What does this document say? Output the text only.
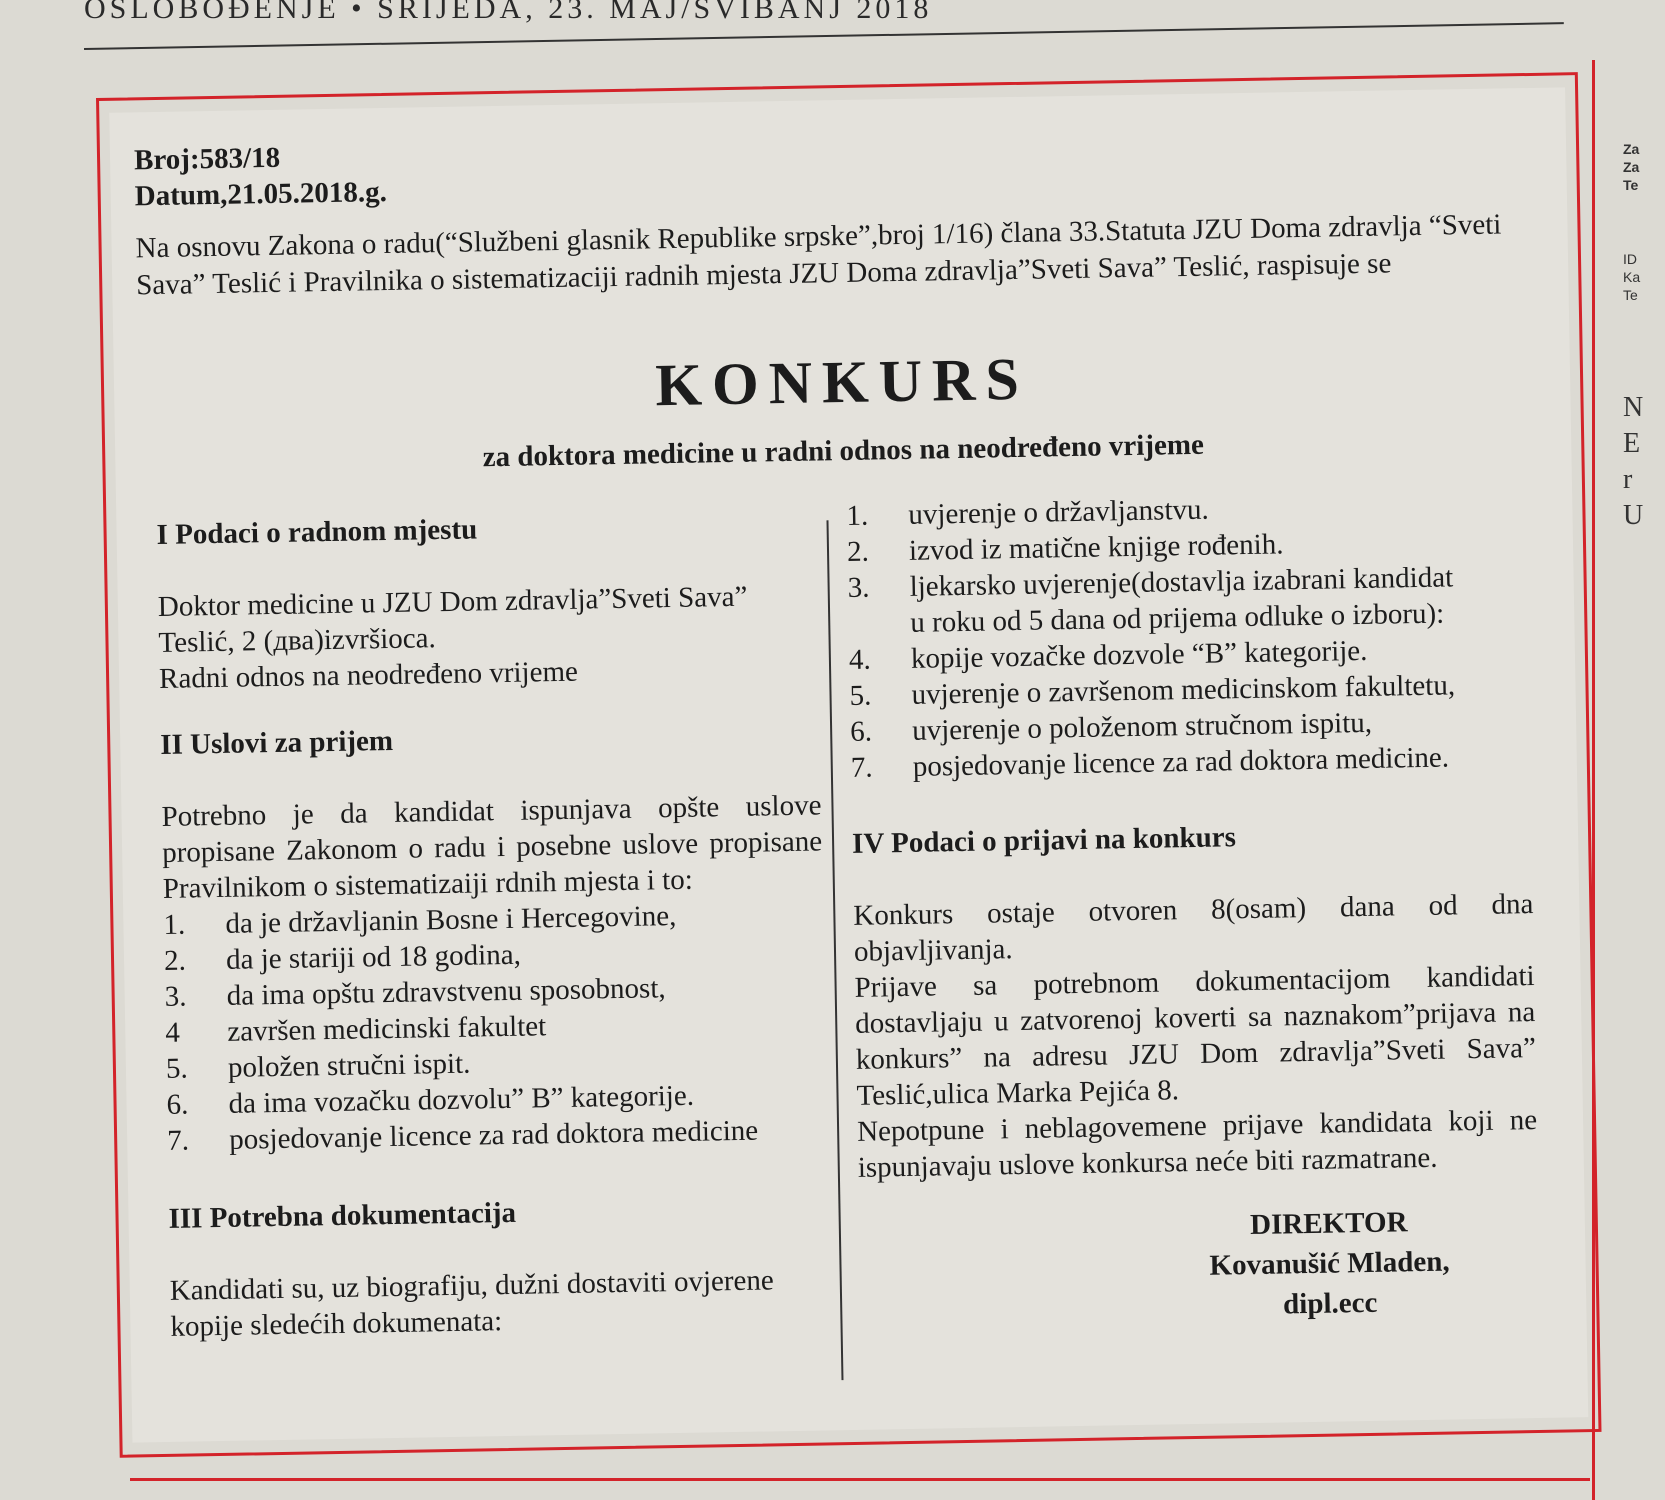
OSLOBOĐENJE • SRIJEDA, 23. MAJ/SVIBANJ 2018
Broj:583/18
Datum,21.05.2018.g.

Na osnovu Zakona o radu(“Službeni glasnik Republike srpske”,broj 1/16) člana 33.Statuta JZU Doma zdravlja “Sveti Sava” Teslić i Pravilnika o sistematizaciji radnih mjesta JZU Doma zdravlja”Sveti Sava” Teslić, raspisuje se

KONKURS
za doktora medicine u radni odnos na neodređeno vrijeme
I Podaci o radnom mjestu

Doktor medicine u JZU Dom zdravlja”Sveti Sava”

Teslić, 2 (два)izvršioca.

Radni odnos na neodređeno vrijeme

II Uslovi za prijem

Potrebno je da kandidat ispunjava opšte uslove propisane Zakonom o radu i posebne uslove propisane Pravilnikom o sistematizaiji rdnih mjesta i to:

1.	da je državljanin Bosne i Hercegovine,
2.	da je stariji od 18 godina,
3.	da ima opštu zdravstvenu sposobnost,
4	završen medicinski fakultet
5.	položen stručni ispit.
6.	da ima vozačku dozvolu” B” kategorije.
7.	posjedovanje licence za rad doktora medicine
III Potrebna dokumentacija

Kandidati su, uz biografiju, dužni dostaviti ovjerene kopije sledećih dokumenata:

1.	uvjerenje o državljanstvu.
2.	izvod iz matične knjige rođenih.
3.	ljekarsko uvjerenje(dostavlja izabrani kandidat
u roku od 5 dana od prijema odluke o izboru):
4.	kopije vozačke dozvole “B” kategorije.
5.	uvjerenje o završenom medicinskom fakultetu,
6.	uvjerenje o položenom stručnom ispitu,
7.	posjedovanje licence za rad doktora medicine.
IV Podaci o prijavi na konkurs

Konkurs ostaje otvoren 8(osam) dana od dna objavljivanja.

Prijave sa potrebnom dokumentacijom kandidati dostavljaju u zatvorenoj koverti sa naznakom”prijava na konkurs” na adresu JZU Dom zdravlja”Sveti Sava” Teslić,ulica Marka Pejića 8.

Nepotpune i neblagovemene prijave kandidata koji ne ispunjavaju uslove konkursa neće biti razmatrane.

DIREKTOR
Kovanušić Mladen,
dipl.ecc
Za
Za
Te
ID
Ka
Te
N
E
r
U
